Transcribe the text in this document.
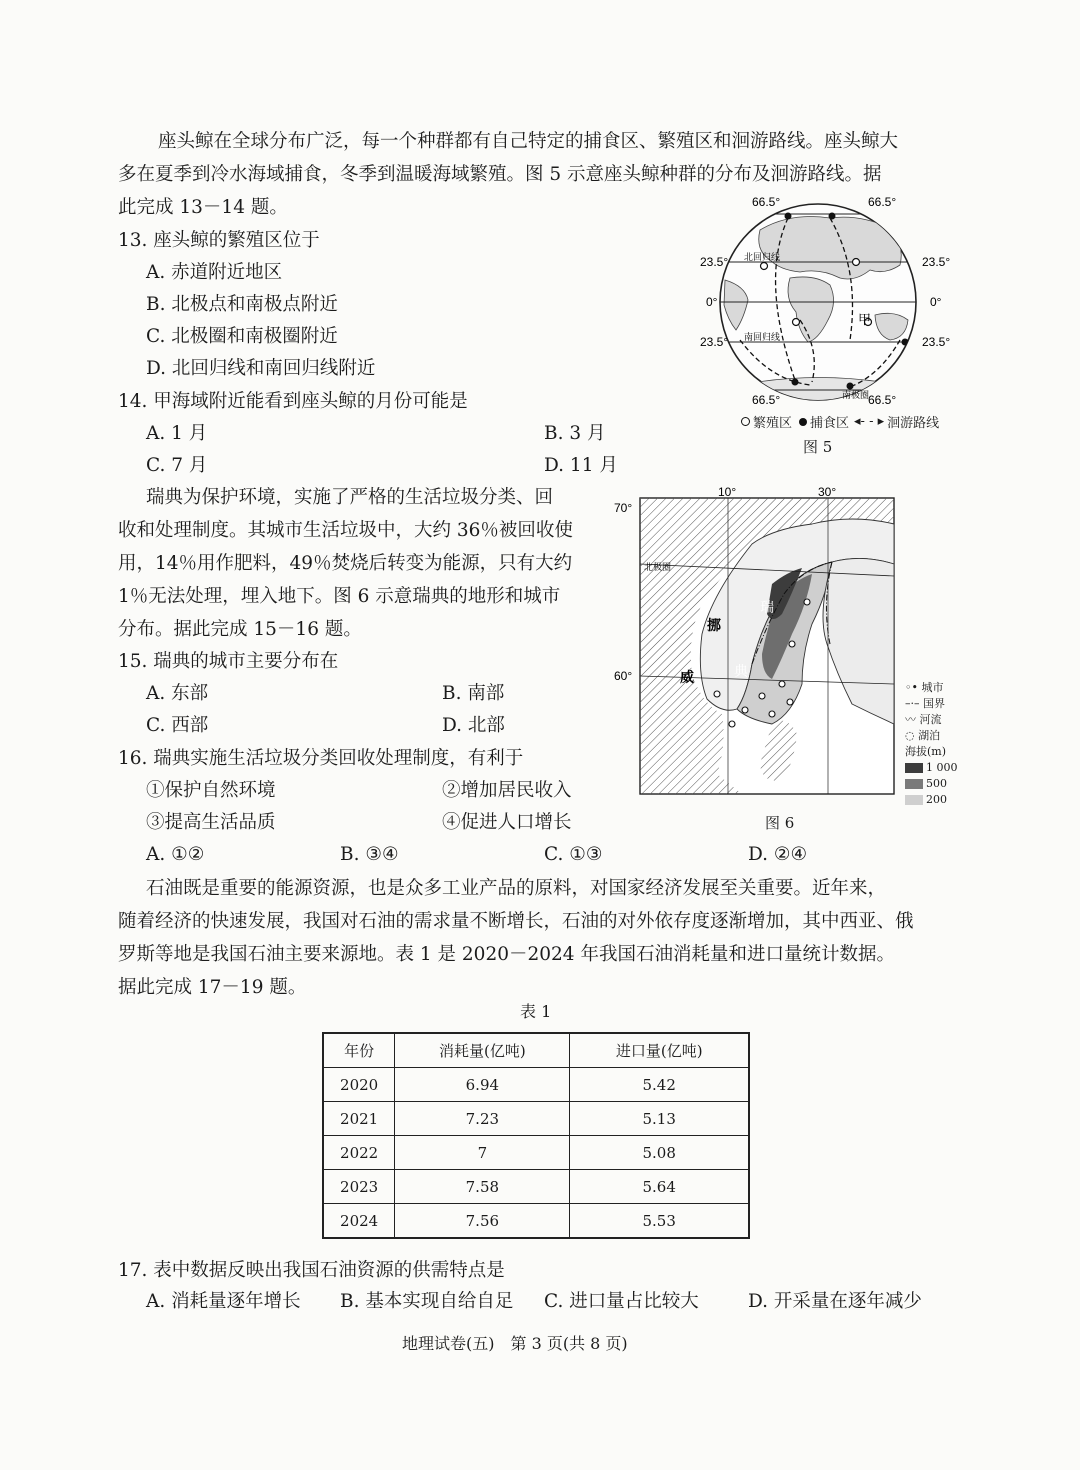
座头鲸在全球分布广泛，每一个种群都有自己特定的捕食区、繁殖区和洄游路线。座头鲸大
多在夏季到冷水海域捕食，冬季到温暖海域繁殖。图 5 示意座头鲸种群的分布及洄游路线。据
此完成 13－14 题。
13. 座头鲸的繁殖区位于
A. 赤道附近地区
B. 北极点和南极点附近
C. 北极圈和南极圈附近
D. 北回归线和南回归线附近
14. 甲海域附近能看到座头鲸的月份可能是
A. 1 月	B. 3 月
C. 7 月	D. 11 月
66.5°	66.5°
23.5°	23.5°
0°	0°
23.5°	23.5°
66.5°	66.5°
北回归线
南回归线
南极圈
甲
繁殖区 捕食区 ◂- - ▸ 洄游路线
图 5
瑞典为保护环境，实施了严格的生活垃圾分类、回
收和处理制度。其城市生活垃圾中，大约 36％被回收使
用，14％用作肥料，49％焚烧后转变为能源，只有大约
1％无法处理，埋入地下。图 6 示意瑞典的地形和城市
分布。据此完成 15－16 题。
15. 瑞典的城市主要分布在
A. 东部	B. 南部
C. 西部	D. 北部
16. 瑞典实施生活垃圾分类回收处理制度，有利于
①保护自然环境	②增加居民收入
③提高生活品质	④促进人口增长
A. ①②	B. ③④	C. ①③	D. ②④
10°	30°
70°
60°
北极圈
挪
威
瑞
典
◦• 城市
–·– 国界
〰 河流
◌ 湖泊
海拔(m)
1 000
500
200
图 6
石油既是重要的能源资源，也是众多工业产品的原料，对国家经济发展至关重要。近年来，
随着经济的快速发展，我国对石油的需求量不断增长，石油的对外依存度逐渐增加，其中西亚、俄
罗斯等地是我国石油主要来源地。表 1 是 2020－2024 年我国石油消耗量和进口量统计数据。
据此完成 17－19 题。
表 1
年份	消耗量(亿吨)	进口量(亿吨)
2020	6.94	5.42
2021	7.23	5.13
2022	7	5.08
2023	7.58	5.64
2024	7.56	5.53
17. 表中数据反映出我国石油资源的供需特点是
A. 消耗量逐年增长 B. 基本实现自给自足 C. 进口量占比较大	D. 开采量在逐年减少
地理试卷(五)　第 3 页(共 8 页)
